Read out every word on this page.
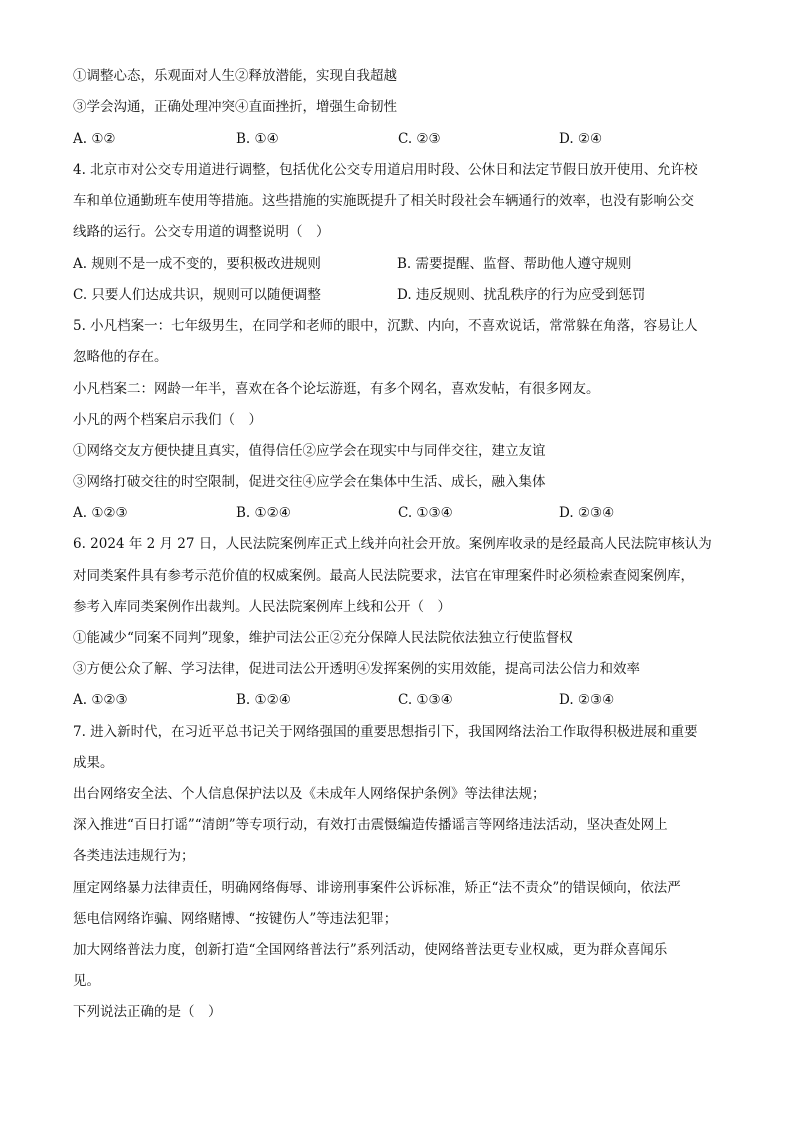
①调整心态，乐观面对人生②释放潜能，实现自我超越
③学会沟通，正确处理冲突④直面挫折，增强生命韧性
A. ①②	B. ①④	C. ②③	D. ②④
4. 北京市对公交专用道进行调整，包括优化公交专用道启用时段、公休日和法定节假日放开使用、允许校
车和单位通勤班车使用等措施。这些措施的实施既提升了相关时段社会车辆通行的效率，也没有影响公交
线路的运行。公交专用道的调整说明（　）
A. 规则不是一成不变的，要积极改进规则	B. 需要提醒、监督、帮助他人遵守规则
C. 只要人们达成共识，规则可以随便调整	D. 违反规则、扰乱秩序的行为应受到惩罚
5. 小凡档案一：七年级男生，在同学和老师的眼中，沉默、内向，不喜欢说话，常常躲在角落，容易让人
忽略他的存在。
小凡档案二：网龄一年半，喜欢在各个论坛游逛，有多个网名，喜欢发帖，有很多网友。
小凡的两个档案启示我们（　）
①网络交友方便快捷且真实，值得信任②应学会在现实中与同伴交往，建立友谊
③网络打破交往的时空限制，促进交往④应学会在集体中生活、成长，融入集体
A. ①②③	B. ①②④	C. ①③④	D. ②③④
6. 2024 年 2 月 27 日，人民法院案例库正式上线并向社会开放。案例库收录的是经最高人民法院审核认为
对同类案件具有参考示范价值的权威案例。最高人民法院要求，法官在审理案件时必须检索查阅案例库，
参考入库同类案例作出裁判。人民法院案例库上线和公开（　）
①能减少“同案不同判”现象，维护司法公正②充分保障人民法院依法独立行使监督权
③方便公众了解、学习法律，促进司法公开透明④发挥案例的实用效能，提高司法公信力和效率
A. ①②③	B. ①②④	C. ①③④	D. ②③④
7. 进入新时代，在习近平总书记关于网络强国的重要思想指引下，我国网络法治工作取得积极进展和重要
成果。
出台网络安全法、个人信息保护法以及《未成年人网络保护条例》等法律法规；
深入推进“百日打谣”“清朗”等专项行动，有效打击震慑编造传播谣言等网络违法活动，坚决查处网上
各类违法违规行为；
厘定网络暴力法律责任，明确网络侮辱、诽谤刑事案件公诉标准，矫正“法不责众”的错误倾向，依法严
惩电信网络诈骗、网络赌博、“按键伤人”等违法犯罪；
加大网络普法力度，创新打造“全国网络普法行”系列活动，使网络普法更专业权威，更为群众喜闻乐
见。
下列说法正确的是（　）
